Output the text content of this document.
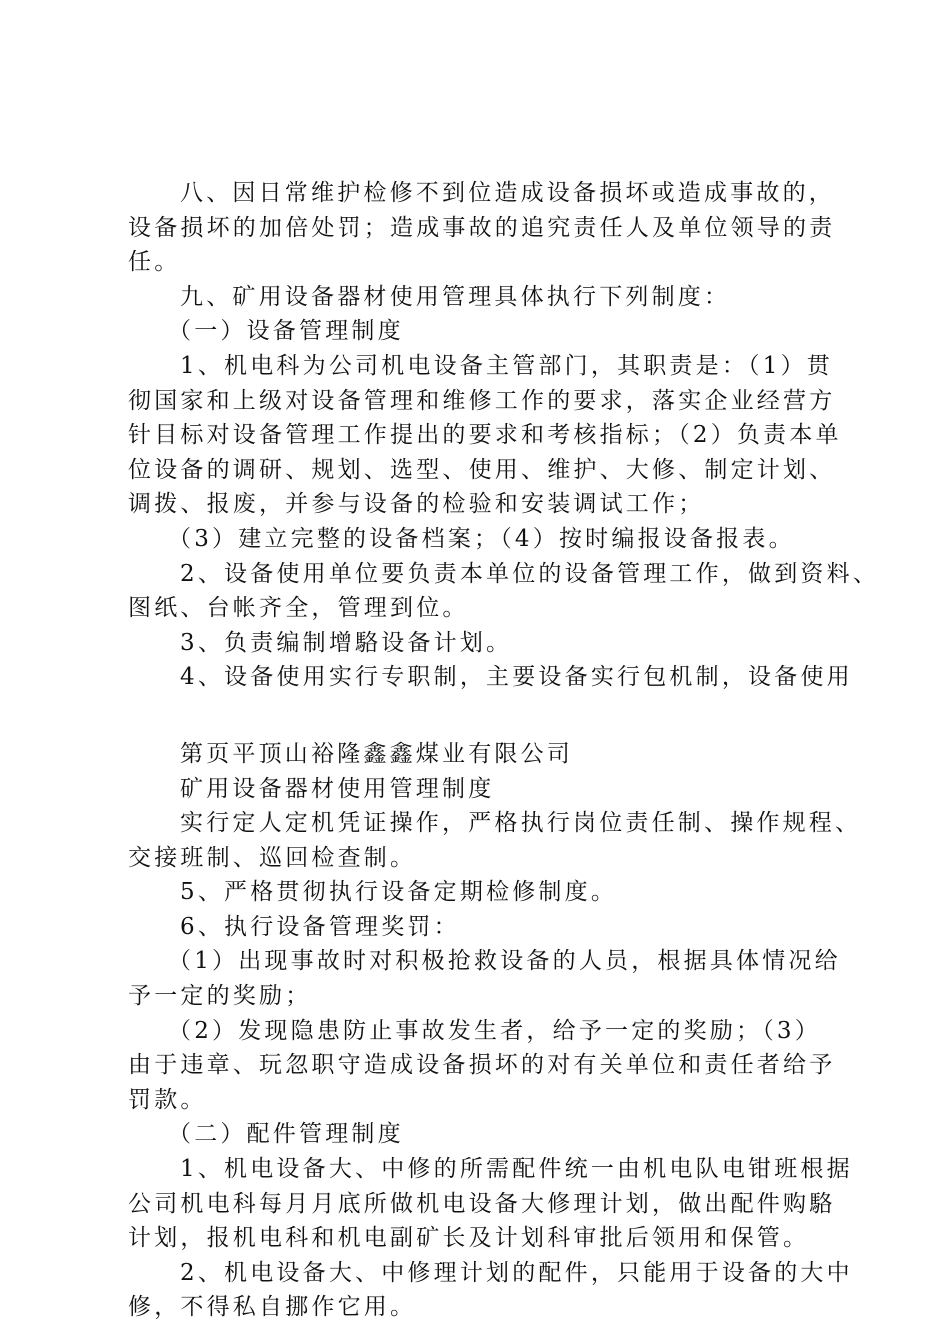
八、因日常维护检修不到位造成设备损坏或造成事故的，
设备损坏的加倍处罚；造成事故的追究责任人及单位领导的责
任。
九、矿用设备器材使用管理具体执行下列制度：
（一）设备管理制度
1、机电科为公司机电设备主管部门，其职责是：（1）贯
彻国家和上级对设备管理和维修工作的要求，落实企业经营方
针目标对设备管理工作提出的要求和考核指标；（2）负责本单
位设备的调研、规划、选型、使用、维护、大修、制定计划、
调拨、报废，并参与设备的检验和安装调试工作；
（3）建立完整的设备档案；（4）按时编报设备报表。
2、设备使用单位要负责本单位的设备管理工作，做到资料、
图纸、台帐齐全，管理到位。
3、负责编制增駱设备计划。
4、设备使用实行专职制，主要设备实行包机制，设备使用
第页平顶山裕隆鑫鑫煤业有限公司
矿用设备器材使用管理制度
实行定人定机凭证操作，严格执行岗位责任制、操作规程、
交接班制、巡回检查制。
5、严格贯彻执行设备定期检修制度。
6、执行设备管理奖罚：
（1）出现事故时对积极抢救设备的人员，根据具体情况给
予一定的奖励；
（2）发现隐患防止事故发生者，给予一定的奖励；（3）
由于违章、玩忽职守造成设备损坏的对有关单位和责任者给予
罚款。
（二）配件管理制度
1、机电设备大、中修的所需配件统一由机电队电钳班根据
公司机电科每月月底所做机电设备大修理计划，做出配件购駱
计划，报机电科和机电副矿长及计划科审批后领用和保管。
2、机电设备大、中修理计划的配件，只能用于设备的大中
修，不得私自挪作它用。
